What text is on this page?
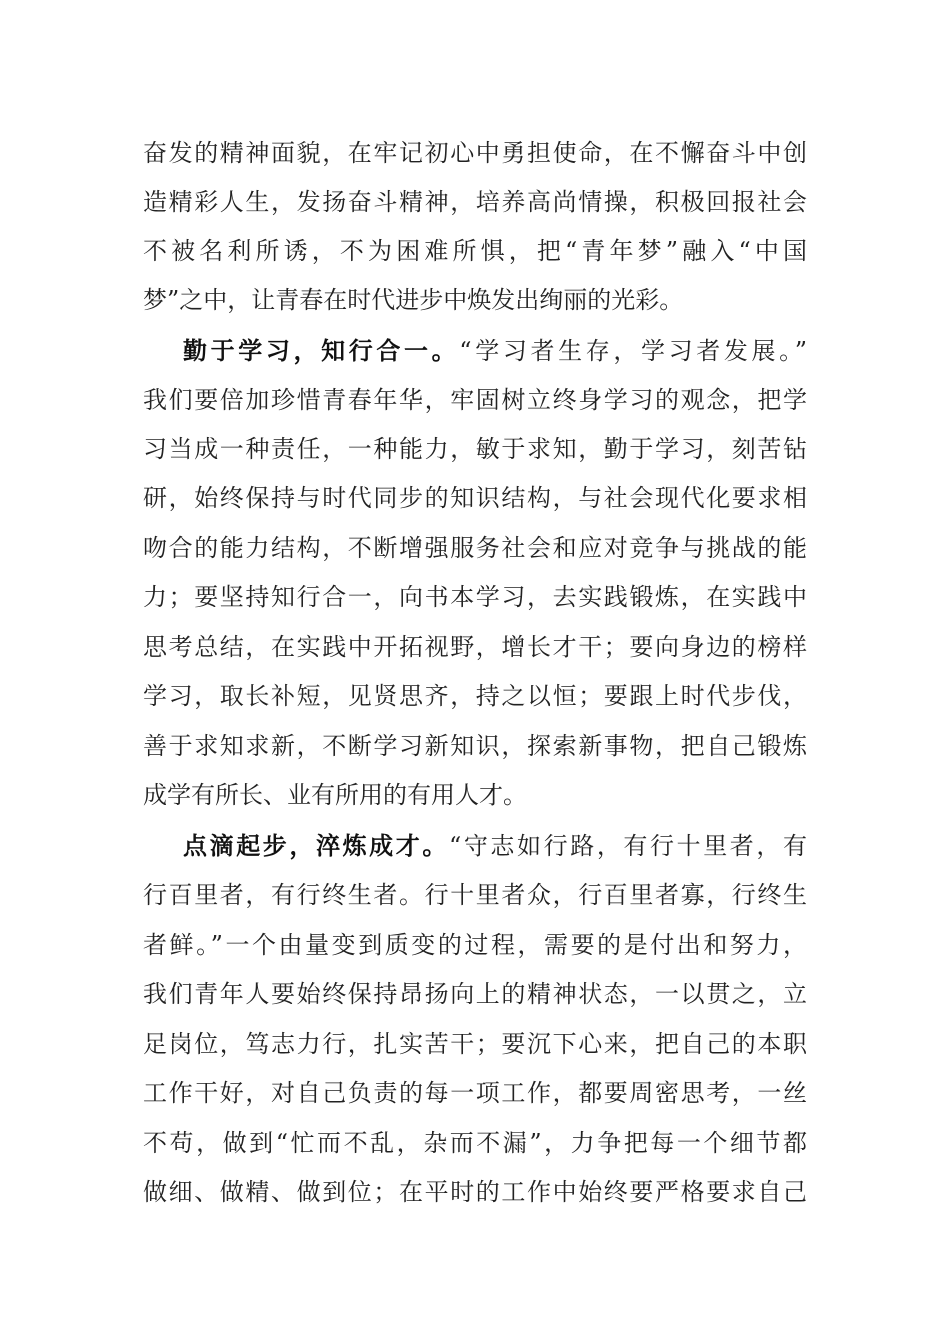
奋发的精神面貌，在牢记初心中勇担使命，在不懈奋斗中创
造精彩人生，发扬奋斗精神，培养高尚情操，积极回报社会
不被名利所诱，不为困难所惧，把“青年梦”融入“中国
梦”之中，让青春在时代进步中焕发出绚丽的光彩。
勤于学习，知行合一。“学习者生存，学习者发展。”
我们要倍加珍惜青春年华，牢固树立终身学习的观念，把学
习当成一种责任，一种能力，敏于求知，勤于学习，刻苦钻
研，始终保持与时代同步的知识结构，与社会现代化要求相
吻合的能力结构，不断增强服务社会和应对竞争与挑战的能
力；要坚持知行合一，向书本学习，去实践锻炼，在实践中
思考总结，在实践中开拓视野，增长才干；要向身边的榜样
学习，取长补短，见贤思齐，持之以恒；要跟上时代步伐，
善于求知求新，不断学习新知识，探索新事物，把自己锻炼
成学有所长、业有所用的有用人才。
点滴起步，淬炼成才。“守志如行路，有行十里者，有
行百里者，有行终生者。行十里者众，行百里者寡，行终生
者鲜。”一个由量变到质变的过程，需要的是付出和努力，
我们青年人要始终保持昂扬向上的精神状态，一以贯之，立
足岗位，笃志力行，扎实苦干；要沉下心来，把自己的本职
工作干好，对自己负责的每一项工作，都要周密思考，一丝
不苟，做到“忙而不乱，杂而不漏”，力争把每一个细节都
做细、做精、做到位；在平时的工作中始终要严格要求自己
